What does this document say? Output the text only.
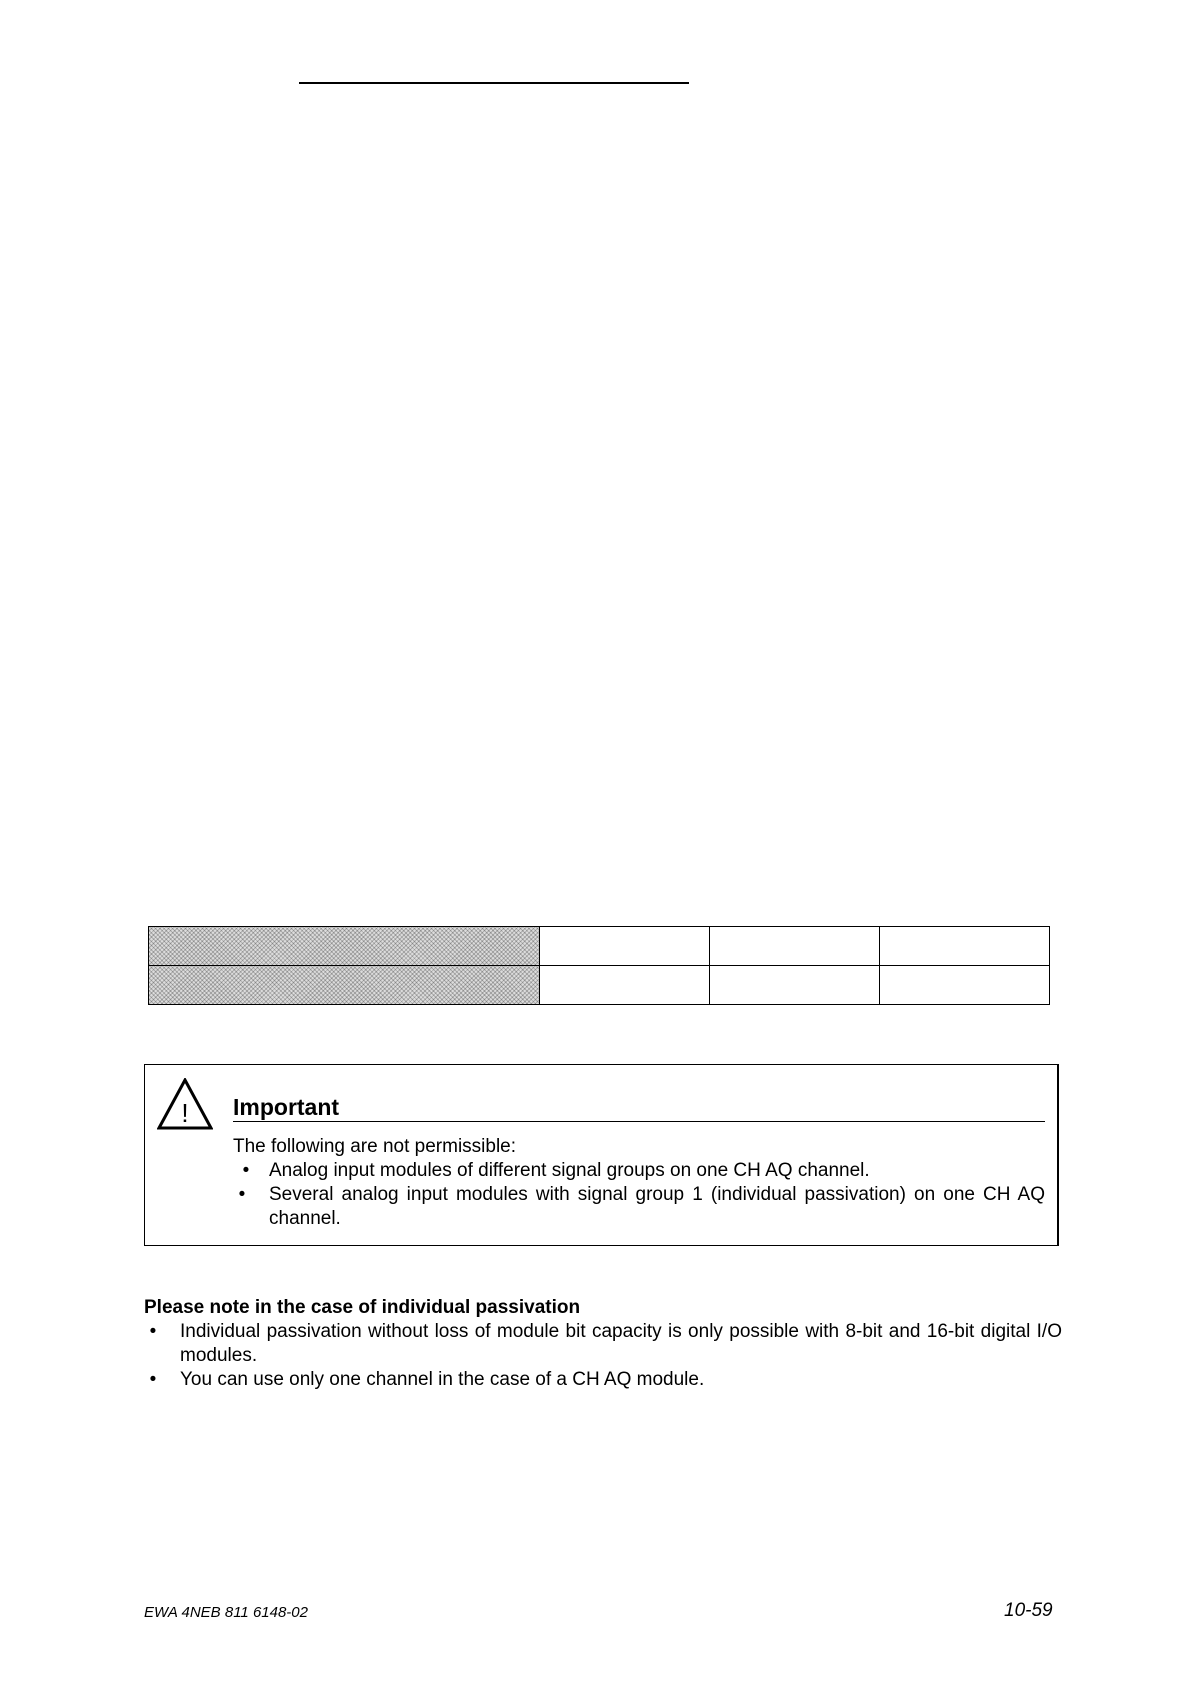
! Important

The following are not permissible:

• Analog input modules of different signal groups on one CH AQ channel.
• Several analog input modules with signal group 1 (individual passivation) on one CH AQ channel.
Please note in the case of individual passivation
• Individual passivation without loss of module bit capacity is only possible with 8-bit and 16-bit digital I/O modules.
• You can use only one channel in the case of a CH AQ module.
EWA 4NEB 811 6148-02	10-59
